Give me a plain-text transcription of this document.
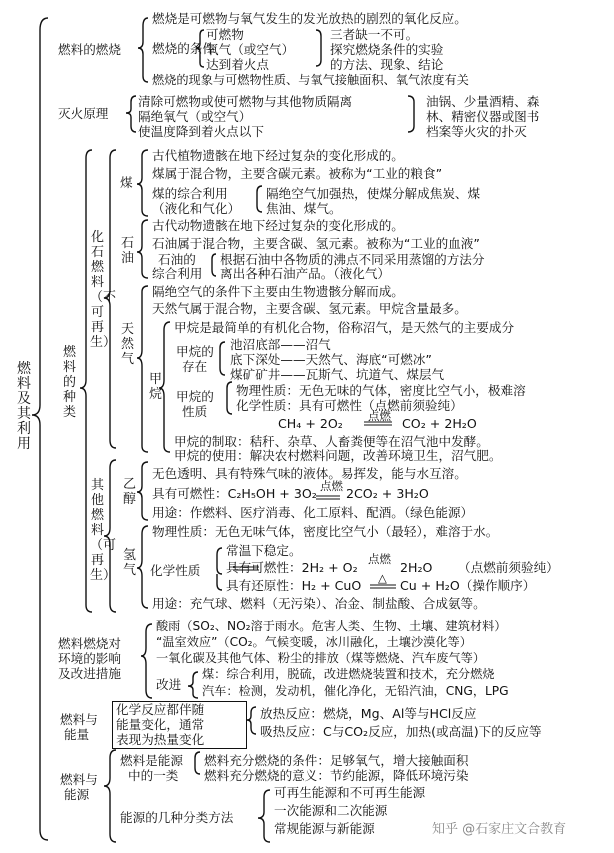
燃料及其利用
燃料的燃烧
燃烧是可燃物与氧气发生的发光放热的剧烈的氧化反应。
燃烧的条件
可燃物
氧气（或空气）
达到着火点
三者缺一不可。
探究燃烧条件的实验
的方法、现象、结论
燃烧的现象与可燃物性质、与氧气接触面积、氧气浓度有关
灭火原理
清除可燃物或使可燃物与其他物质隔离
隔绝氧气（或空气）
使温度降到着火点以下
油锅、少量酒精、森
林、精密仪器或图书
档案等火灾的扑灭
燃料的种类
化石燃料（不可再生）
煤
古代植物遗骸在地下经过复杂的变化形成的。
煤属于混合物，主要含碳元素。被称为“工业的粮食”
煤的综合利用
（液化和气化）
隔绝空气加强热，使煤分解成焦炭、煤
焦油、煤气。
石油
古代动物遗骸在地下经过复杂的变化形成的。
石油属于混合物，主要含碳、氢元素。被称为“工业的血液”
石油的
综合利用
根据石油中各物质的沸点不同采用蒸馏的方法分
离出各种石油产品。（液化气）
天然气
隔绝空气的条件下主要由生物遗骸分解而成。
天然气属于混合物，主要含碳、氢元素。甲烷含量最多。
甲烷
甲烷是最简单的有机化合物，俗称沼气，是天然气的主要成分
甲烷的
存在
池沼底部——沼气
底下深处——天然气、海底“可燃冰”
煤矿矿井——瓦斯气、坑道气、煤层气
甲烷的
性质
物理性质：无色无味的气体，密度比空气小，极难溶
化学性质：具有可燃性（点燃前须验纯）
CH₄ + 2O₂ 点燃 CO₂ + 2H₂O
甲烷的制取：秸秆、杂草、人畜粪便等在沼气池中发酵。
甲烷的使用：解决农村燃料问题，改善环境卫生，沼气肥。
其他燃料（可再生）
乙醇
无色透明、具有特殊气味的液体。易挥发，能与水互溶。
具有可燃性：C₂H₅OH + 3O₂ 点燃 2CO₂ + 3H₂O
用途：作燃料、医疗消毒、化工原料、配酒。（绿色能源）
氢气
物理性质：无色无味气体，密度比空气小（最轻），难溶于水。
化学性质
常温下稳定。
具有可燃性：2H₂ + O₂
点燃
2H₂O （点燃前须验纯）
具有还原性：H₂ + CuO △ Cu + H₂O（操作顺序）
用途：充气球、燃料（无污染）、冶金、制盐酸、合成氨等。
燃料燃烧对
环境的影响
及改进措施
酸雨（SO₂、NO₂溶于雨水。危害人类、生物、土壤、建筑材料）
“温室效应”（CO₂。气候变暖，冰川融化，土壤沙漠化等）
一氧化碳及其他气体、粉尘的排放（煤等燃烧、汽车废气等）
改进
煤：综合利用，脱硫，改进燃烧装置和技术，充分燃烧
汽车：检测，发动机，催化净化，无铅汽油，CNG，LPG
燃料与
能量
化学反应都伴随
能量变化，通常
表现为热量变化
放热反应：燃烧，Mg、Al等与HCl反应
吸热反应：C与CO₂反应，加热(或高温)下的反应等
燃料与
能源
燃料是能源
中的一类
燃料充分燃烧的条件：足够氧气，增大接触面积
燃料充分燃烧的意义：节约能源，降低环境污染
能源的几种分类方法
可再生能源和不可再生能源
一次能源和二次能源
常规能源与新能源	知乎 @石家庄文合教育
